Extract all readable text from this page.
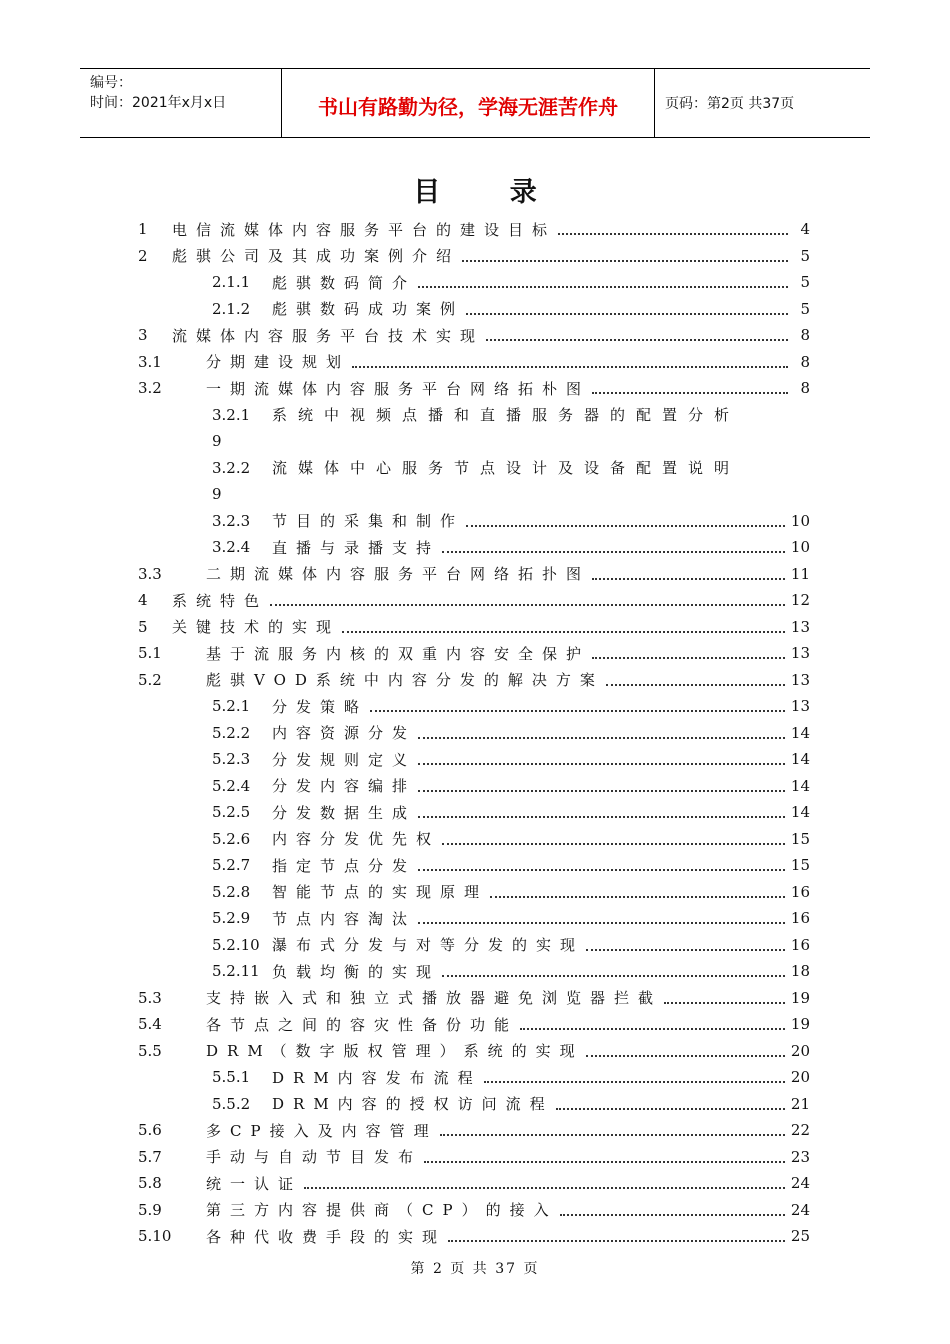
编号：
时间：2021年x月x日	书山有路勤为径，学海无涯苦作舟	页码：第2页 共37页
目 录
1	电信流媒体内容服务平台的建设目标	4
2	彪骐公司及其成功案例介绍	5
2.1.1	彪骐数码简介	5
2.1.2	彪骐数码成功案例	5
3	流媒体内容服务平台技术实现	8
3.1	分期建设规划	8
3.2	一期流媒体内容服务平台网络拓朴图	8
3.2.1	系统中视频点播和直播服务器的配置分析
9
3.2.2	流媒体中心服务节点设计及设备配置说明
9
3.2.3	节目的采集和制作	10
3.2.4	直播与录播支持	10
3.3	二期流媒体内容服务平台网络拓扑图	11
4	系统特色	12
5	关键技术的实现	13
5.1	基于流服务内核的双重内容安全保护	13
5.2	彪骐VOD系统中内容分发的解决方案	13
5.2.1	分发策略	13
5.2.2	内容资源分发	14
5.2.3	分发规则定义	14
5.2.4	分发内容编排	14
5.2.5	分发数据生成	14
5.2.6	内容分发优先权	15
5.2.7	指定节点分发	15
5.2.8	智能节点的实现原理	16
5.2.9	节点内容淘汰	16
5.2.10 瀑布式分发与对等分发的实现	16
5.2.11 负载均衡的实现	18
5.3	支持嵌入式和独立式播放器避免浏览器拦截	19
5.4	各节点之间的容灾性备份功能	19
5.5	DRM（数字版权管理）系统的实现	20
5.5.1	DRM内容发布流程	20
5.5.2	DRM内容的授权访问流程	21
5.6	多CP接入及内容管理	22
5.7	手动与自动节目发布	23
5.8	统一认证	24
5.9	第三方内容提供商（CP）的接入	24
5.10	各种代收费手段的实现	25
第 2 页 共 37 页
